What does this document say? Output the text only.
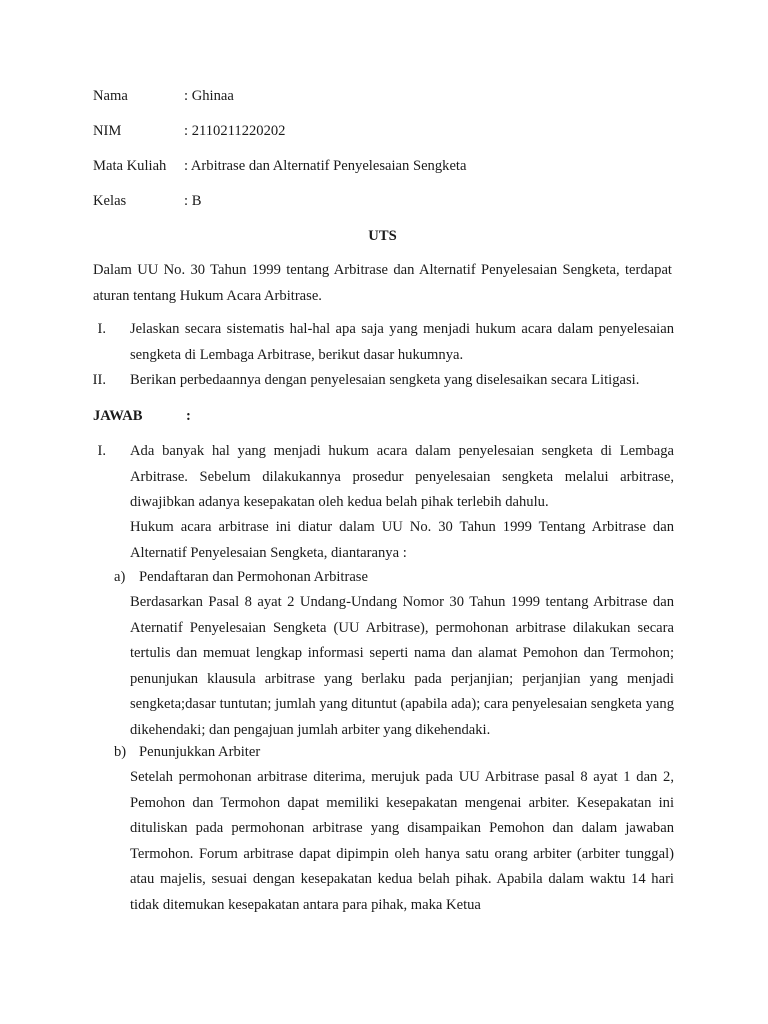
Nama	: Ghinaa
NIM	: 2110211220202
Mata Kuliah : Arbitrase dan Alternatif Penyelesaian Sengketa
Kelas	: B
UTS
Dalam UU No. 30 Tahun 1999 tentang Arbitrase dan Alternatif Penyelesaian Sengketa, terdapat aturan tentang Hukum Acara Arbitrase.
I. Jelaskan secara sistematis hal-hal apa saja yang menjadi hukum acara dalam penyelesaian sengketa di Lembaga Arbitrase, berikut dasar hukumnya.
II. Berikan perbedaannya dengan penyelesaian sengketa yang diselesaikan secara Litigasi.
JAWAB	:
I. Ada banyak hal yang menjadi hukum acara dalam penyelesaian sengketa di Lembaga Arbitrase. Sebelum dilakukannya prosedur penyelesaian sengketa melalui arbitrase, diwajibkan adanya kesepakatan oleh kedua belah pihak terlebih dahulu.
Hukum acara arbitrase ini diatur dalam UU No. 30 Tahun 1999 Tentang Arbitrase dan Alternatif Penyelesaian Sengketa, diantaranya :
a) Pendaftaran dan Permohonan Arbitrase
Berdasarkan Pasal 8 ayat 2 Undang-Undang Nomor 30 Tahun 1999 tentang Arbitrase dan Aternatif Penyelesaian Sengketa (UU Arbitrase), permohonan arbitrase dilakukan secara tertulis dan memuat lengkap informasi seperti nama dan alamat Pemohon dan Termohon; penunjukan klausula arbitrase yang berlaku pada perjanjian; perjanjian yang menjadi sengketa;dasar tuntutan; jumlah yang dituntut (apabila ada); cara penyelesaian sengketa yang dikehendaki; dan pengajuan jumlah arbiter yang dikehendaki.
b) Penunjukkan Arbiter
Setelah permohonan arbitrase diterima, merujuk pada UU Arbitrase pasal 8 ayat 1 dan 2, Pemohon dan Termohon dapat memiliki kesepakatan mengenai arbiter. Kesepakatan ini dituliskan pada permohonan arbitrase yang disampaikan Pemohon dan dalam jawaban Termohon. Forum arbitrase dapat dipimpin oleh hanya satu orang arbiter (arbiter tunggal) atau majelis, sesuai dengan kesepakatan kedua belah pihak. Apabila dalam waktu 14 hari tidak ditemukan kesepakatan antara para pihak, maka Ketua
